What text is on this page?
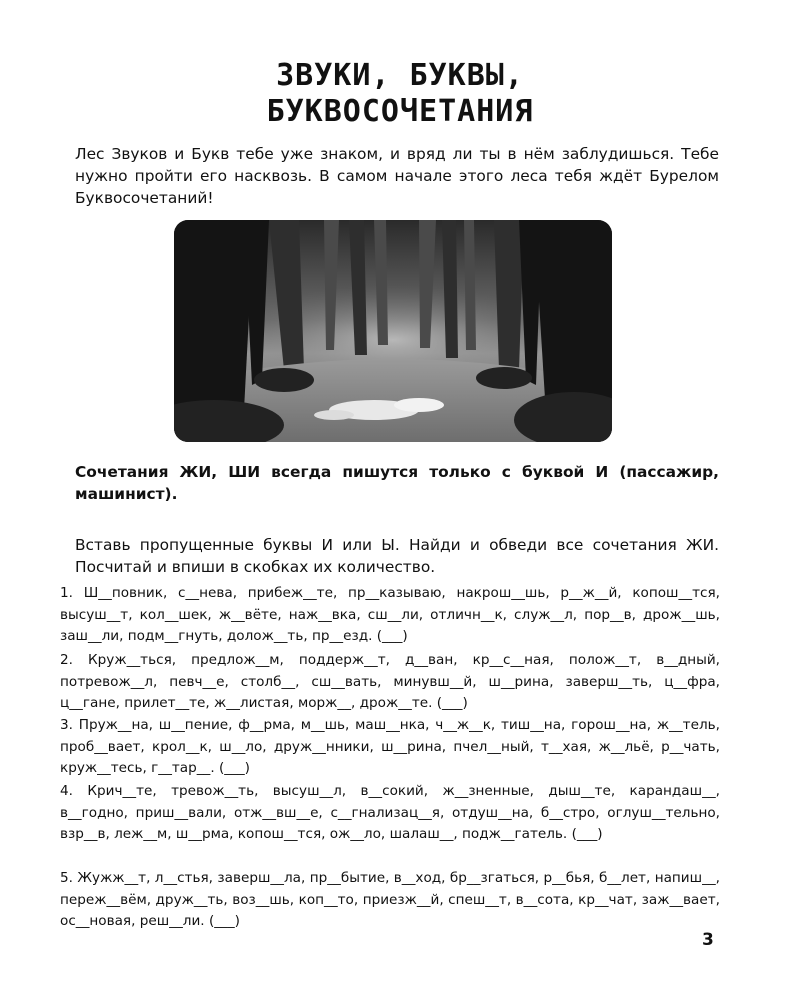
ЗВУКИ, БУКВЫ,
БУКВОСОЧЕТАНИЯ

Лес Звуков и Букв тебе уже знаком, и вряд ли ты в нём заблудишься. Тебе нужно пройти его насквозь. В самом начале этого леса тебя ждёт Бурелом Буквосочетаний!

Сочетания ЖИ, ШИ всегда пишутся только с буквой И (пассажир, машинист).

Вставь пропущенные буквы И или Ы. Найди и обведи все сочетания ЖИ. Посчитай и впиши в скобках их количество.

1. Ш__повник, с__нева, прибеж__те, пр__казываю, накрош__шь, р__ж__й, копош__тся, высуш__т, кол__шек, ж__вёте, наж__вка, сш__ли, отличн__к, служ__л, пор__в, дрож__шь, заш__ли, подм__гнуть, долож__ть, пр__езд. (___)

2. Круж__ться, предлож__м, поддерж__т, д__ван, кр__с__ная, полож__т, в__дный, потревож__л, певч__е, столб__, сш__вать, минувш__й, ш__рина, заверш__ть, ц__фра, ц__гане, прилет__те, ж__листая, морж__, дрож__те. (___)

3. Пруж__на, ш__пение, ф__рма, м__шь, маш__нка, ч__ж__к, тиш__на, горош__на, ж__тель, проб__вает, крол__к, ш__ло, друж__нники, ш__рина, пчел__ный, т__хая, ж__льё, р__чать, круж__тесь, г__тар__. (___)

4. Крич__те, тревож__ть, высуш__л, в__сокий, ж__зненные, дыш__те, карандаш__, в__годно, приш__вали, отж__вш__е, с__гнализац__я, отдуш__на, б__стро, оглуш__тельно, взр__в, леж__м, ш__рма, копош__тся, ож__ло, шалаш__, подж__гатель. (___)

5. Жужж__т, л__стья, заверш__ла, пр__бытие, в__ход, бр__згаться, р__бья, б__лет, напиш__, переж__вём, друж__ть, воз__шь, коп__то, приезж__й, спеш__т, в__сота, кр__чат, заж__вает, ос__новая, реш__ли. (___)

3
